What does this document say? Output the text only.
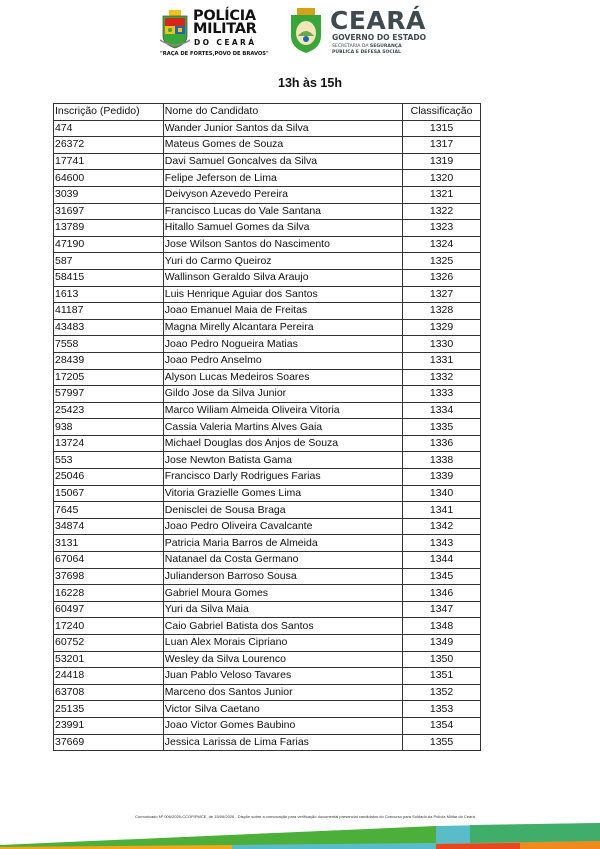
POLÍCIA
MILITAR
DO CEARÁ
"RAÇA DE FORTES,POVO DE BRAVOS"
CEARÁ
GOVERNO DO ESTADO
SECRETARIA DA SEGURANÇA
PÚBLICA E DEFESA SOCIAL
13h às 15h
Inscrição (Pedido)	Nome do Candidato	Classificação
474	Wander Junior Santos da Silva	1315
26372	Mateus Gomes de Souza	1317
17741	Davi Samuel Goncalves da Silva	1319
64600	Felipe Jeferson de Lima	1320
3039	Deivyson Azevedo Pereira	1321
31697	Francisco Lucas do Vale Santana	1322
13789	Hitallo Samuel Gomes da Silva	1323
47190	Jose Wilson Santos do Nascimento	1324
587	Yuri do Carmo Queiroz	1325
58415	Wallinson Geraldo Silva Araujo	1326
1613	Luis Henrique Aguiar dos Santos	1327
41187	Joao Emanuel Maia de Freitas	1328
43483	Magna Mirelly Alcantara Pereira	1329
7558	Joao Pedro Nogueira Matias	1330
28439	Joao Pedro Anselmo	1331
17205	Alyson Lucas Medeiros Soares	1332
57997	Gildo Jose da Silva Junior	1333
25423	Marco Wiliam Almeida Oliveira Vitoria	1334
938	Cassia Valeria Martins Alves Gaia	1335
13724	Michael Douglas dos Anjos de Souza	1336
553	Jose Newton Batista Gama	1338
25046	Francisco Darly Rodrigues Farias	1339
15067	Vitoria Grazielle Gomes Lima	1340
7645	Denisclei de Sousa Braga	1341
34874	Joao Pedro Oliveira Cavalcante	1342
3131	Patricia Maria Barros de Almeida	1343
67064	Natanael da Costa Germano	1344
37698	Julianderson Barroso Sousa	1345
16228	Gabriel Moura Gomes	1346
60497	Yuri da Silva Maia	1347
17240	Caio Gabriel Batista dos Santos	1348
60752	Luan Alex Morais Cipriano	1349
53201	Wesley da Silva Lourenco	1350
24418	Juan Pablo Veloso Tavares	1351
63708	Marceno dos Santos Junior	1352
25135	Victor Silva Caetano	1353
23991	Joao Victor Gomes Baubino	1354
37669	Jessica Larissa de Lima Farias	1355
Comunicado Nº 006/2026-CCOP/PMCE, de 15/06/2026 - Dispõe sobre a convocação para verificação documental presencial candidatos do Concurso para Soldado da Polícia Militar do Ceará
